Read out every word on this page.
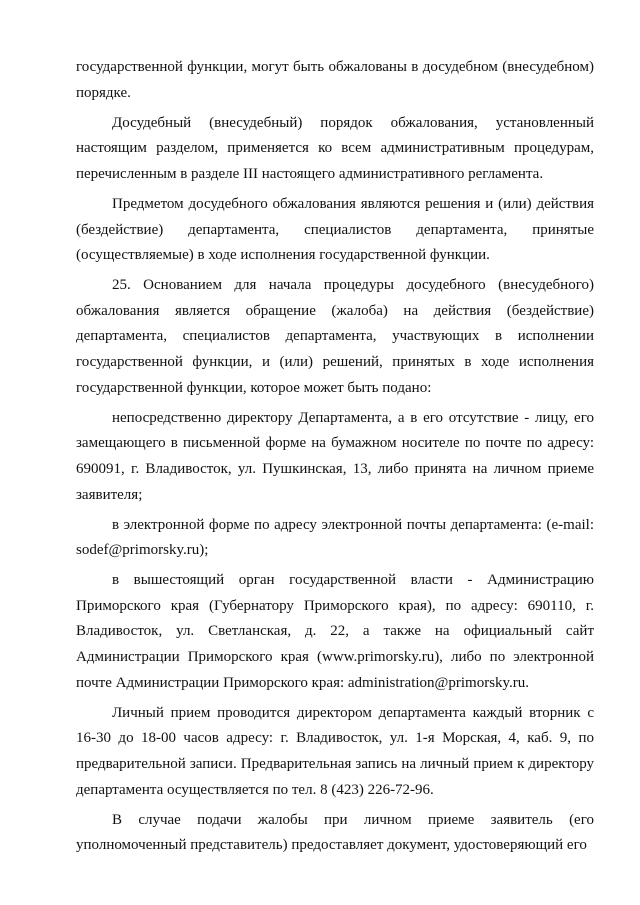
государственной функции, могут быть обжалованы в досудебном (внесудебном) порядке.

Досудебный (внесудебный) порядок обжалования, установленный настоящим разделом, применяется ко всем административным процедурам, перечисленным в разделе III настоящего административного регламента.

Предметом досудебного обжалования являются решения и (или) действия (бездействие) департамента, специалистов департамента, принятые (осуществляемые) в ходе исполнения государственной функции.

25. Основанием для начала процедуры досудебного (внесудебного) обжалования является обращение (жалоба) на действия (бездействие) департамента, специалистов департамента, участвующих в исполнении государственной функции, и (или) решений, принятых в ходе исполнения государственной функции, которое может быть подано:

непосредственно директору Департамента, а в его отсутствие - лицу, его замещающего в письменной форме на бумажном носителе по почте по адресу: 690091, г. Владивосток, ул. Пушкинская, 13, либо принята на личном приеме заявителя;

в электронной форме по адресу электронной почты департамента: (e-mail: sodef@primorsky.ru);

в вышестоящий орган государственной власти - Администрацию Приморского края (Губернатору Приморского края), по адресу: 690110, г. Владивосток, ул. Светланская, д. 22, а также на официальный сайт Администрации Приморского края (www.primorsky.ru), либо по электронной почте Администрации Приморского края: administration@primorsky.ru.

Личный прием проводится директором департамента каждый вторник с 16-30 до 18-00 часов адресу: г. Владивосток, ул. 1-я Морская, 4, каб. 9, по предварительной записи. Предварительная запись на личный прием к директору департамента осуществляется по тел. 8 (423) 226-72-96.

В случае подачи жалобы при личном приеме заявитель (его уполномоченный представитель) предоставляет документ, удостоверяющий его
